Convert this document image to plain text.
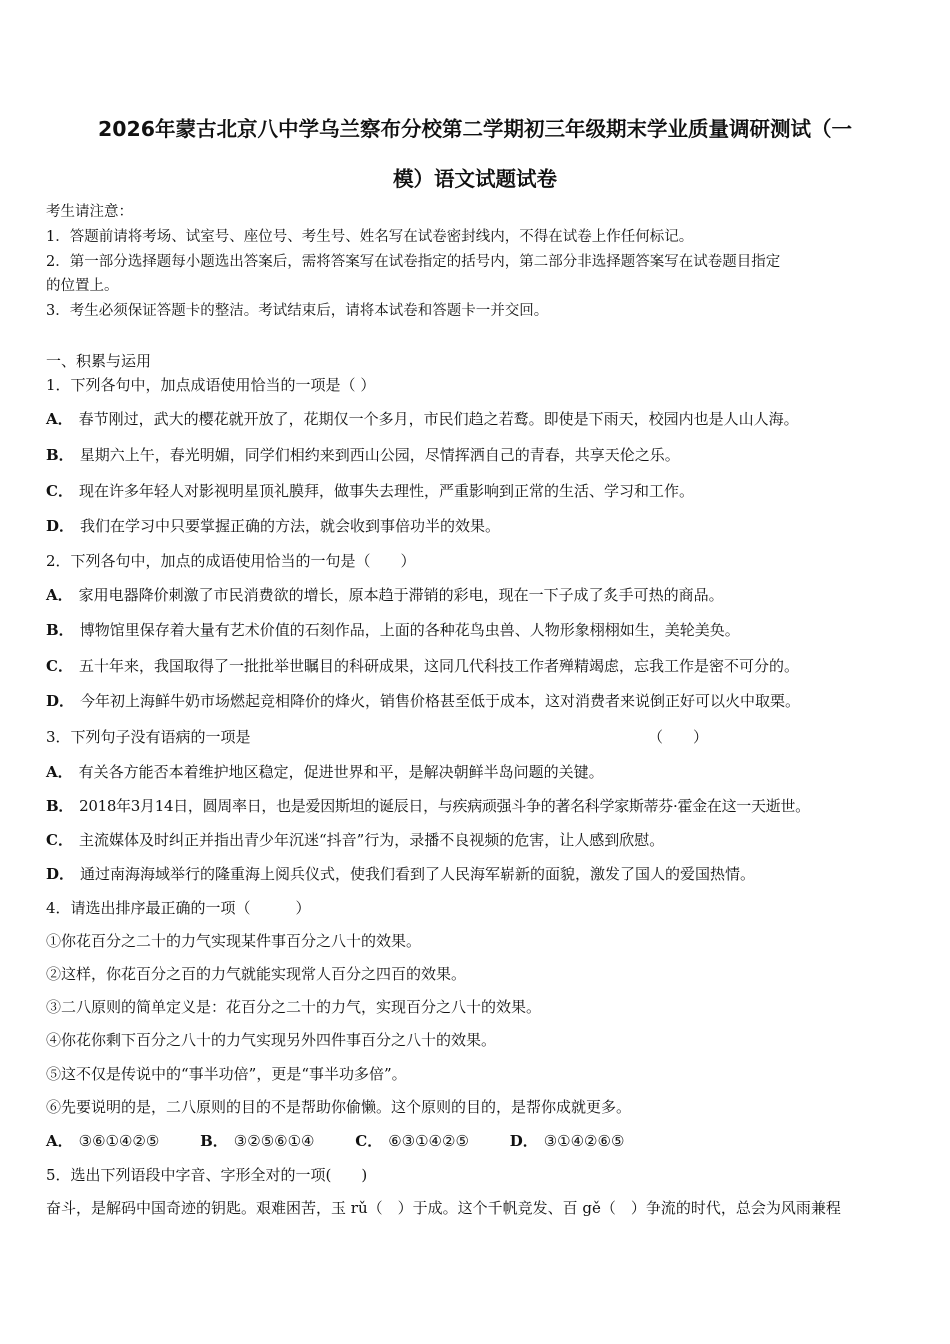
2026年蒙古北京八中学乌兰察布分校第二学期初三年级期末学业质量调研测试（一
模）语文试题试卷
考生请注意：
1．答题前请将考场、试室号、座位号、考生号、姓名写在试卷密封线内，不得在试卷上作任何标记。
2．第一部分选择题每小题选出答案后，需将答案写在试卷指定的括号内，第二部分非选择题答案写在试卷题目指定
的位置上。
3．考生必须保证答题卡的整洁。考试结束后，请将本试卷和答题卡一并交回。
一、积累与运用
1．下列各句中，加点成语使用恰当的一项是（ ）
A． 春节刚过，武大的樱花就开放了，花期仅一个多月，市民们趋之若鹜。即使是下雨天，校园内也是人山人海。
B． 星期六上午，春光明媚，同学们相约来到西山公园，尽情挥洒自己的青春，共享天伦之乐。
C． 现在许多年轻人对影视明星顶礼膜拜，做事失去理性，严重影响到正常的生活、学习和工作。
D． 我们在学习中只要掌握正确的方法，就会收到事倍功半的效果。
2．下列各句中，加点的成语使用恰当的一句是（　　）
A． 家用电器降价刺激了市民消费欲的增长，原本趋于滞销的彩电，现在一下子成了炙手可热的商品。
B． 博物馆里保存着大量有艺术价值的石刻作品，上面的各种花鸟虫兽、人物形象栩栩如生，美轮美奂。
C． 五十年来，我国取得了一批批举世瞩目的科研成果，这同几代科技工作者殚精竭虑，忘我工作是密不可分的。
D． 今年初上海鲜牛奶市场燃起竞相降价的烽火，销售价格甚至低于成本，这对消费者来说倒正好可以火中取栗。
3．下列句子没有语病的一项是	（　　）
A． 有关各方能否本着维护地区稳定，促进世界和平，是解决朝鲜半岛问题的关键。
B． 2018年3月14日，圆周率日，也是爱因斯坦的诞辰日，与疾病顽强斗争的著名科学家斯蒂芬·霍金在这一天逝世。
C． 主流媒体及时纠正并指出青少年沉迷“抖音”行为，录播不良视频的危害，让人感到欣慰。
D． 通过南海海域举行的隆重海上阅兵仪式，使我们看到了人民海军崭新的面貌，激发了国人的爱国热情。
4．请选出排序最正确的一项（　　　）
①你花百分之二十的力气实现某件事百分之八十的效果。
②这样，你花百分之百的力气就能实现常人百分之四百的效果。
③二八原则的简单定义是：花百分之二十的力气，实现百分之八十的效果。
④你花你剩下百分之八十的力气实现另外四件事百分之八十的效果。
⑤这不仅是传说中的“事半功倍”，更是“事半功多倍”。
⑥先要说明的是，二八原则的目的不是帮助你偷懒。这个原则的目的，是帮你成就更多。
A． ③⑥①④②⑤	B． ③②⑤⑥①④	C． ⑥③①④②⑤	D． ③①④②⑥⑤
5．选出下列语段中字音、字形全对的一项(　　)
奋斗，是解码中国奇迹的钥匙。艰难困苦，玉 rǔ（　）于成。这个千帆竞发、百 gě（　）争流的时代，总会为风雨兼程
